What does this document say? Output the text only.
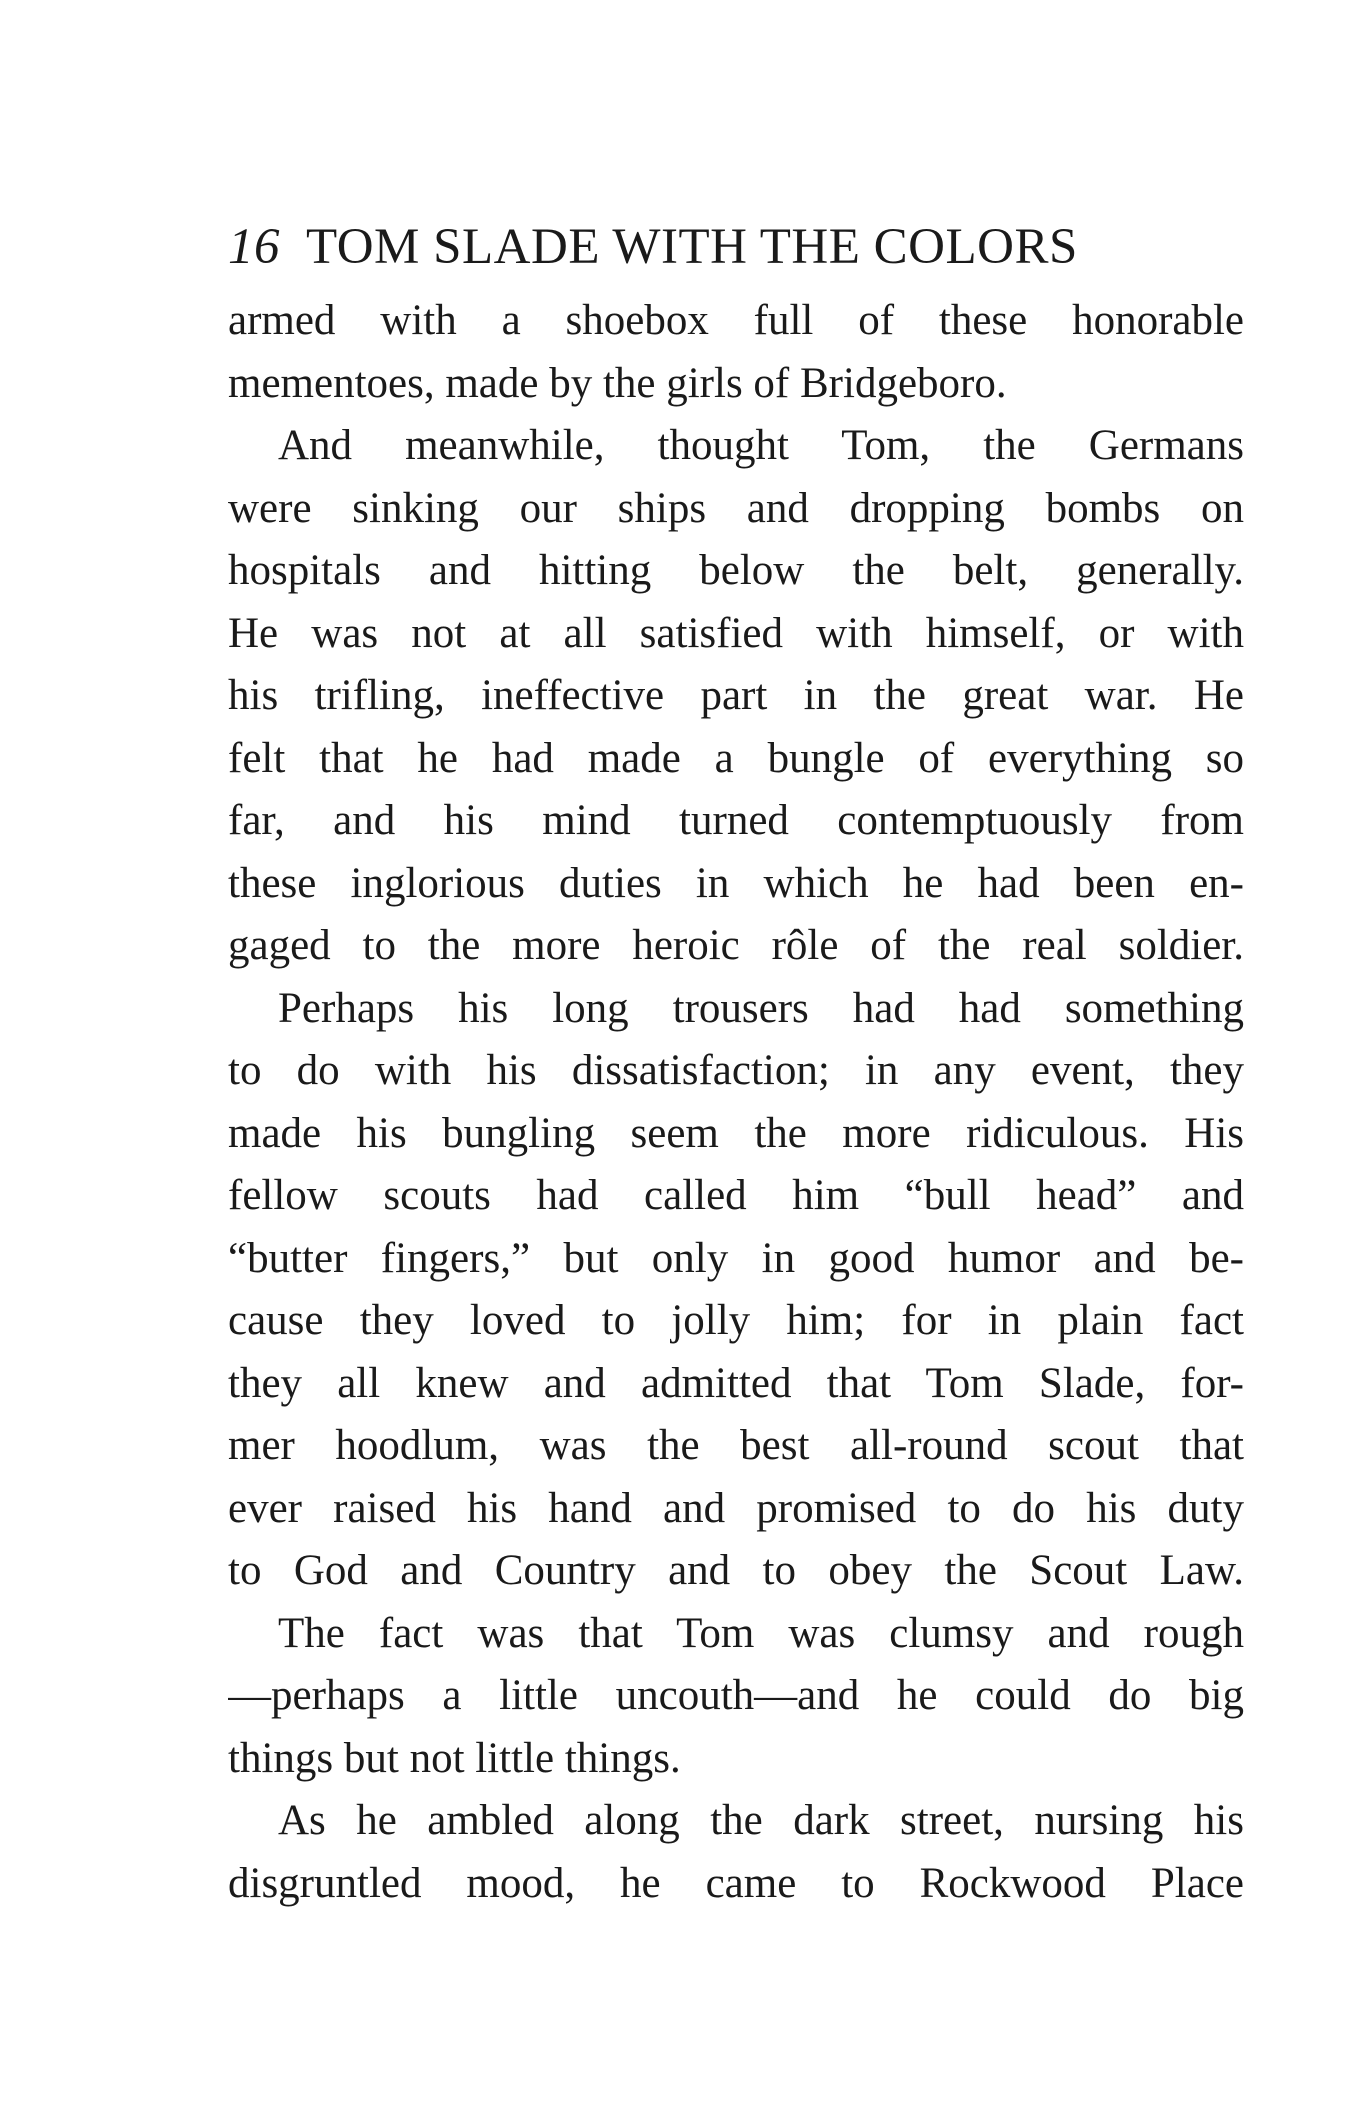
16 TOM SLADE WITH THE COLORS
armed with a shoebox full of these honorable
mementoes, made by the girls of Bridgeboro.
And meanwhile, thought Tom, the Germans
were sinking our ships and dropping bombs on
hospitals and hitting below the belt, generally.
He was not at all satisfied with himself, or with
his trifling, ineffective part in the great war. He
felt that he had made a bungle of everything so
far, and his mind turned contemptuously from
these inglorious duties in which he had been en-
gaged to the more heroic rôle of the real soldier.
Perhaps his long trousers had had something
to do with his dissatisfaction; in any event, they
made his bungling seem the more ridiculous. His
fellow scouts had called him “bull head” and
“butter fingers,” but only in good humor and be-
cause they loved to jolly him; for in plain fact
they all knew and admitted that Tom Slade, for-
mer hoodlum, was the best all-round scout that
ever raised his hand and promised to do his duty
to God and Country and to obey the Scout Law.
The fact was that Tom was clumsy and rough
—perhaps a little uncouth—and he could do big
things but not little things.
As he ambled along the dark street, nursing his
disgruntled mood, he came to Rockwood Place
